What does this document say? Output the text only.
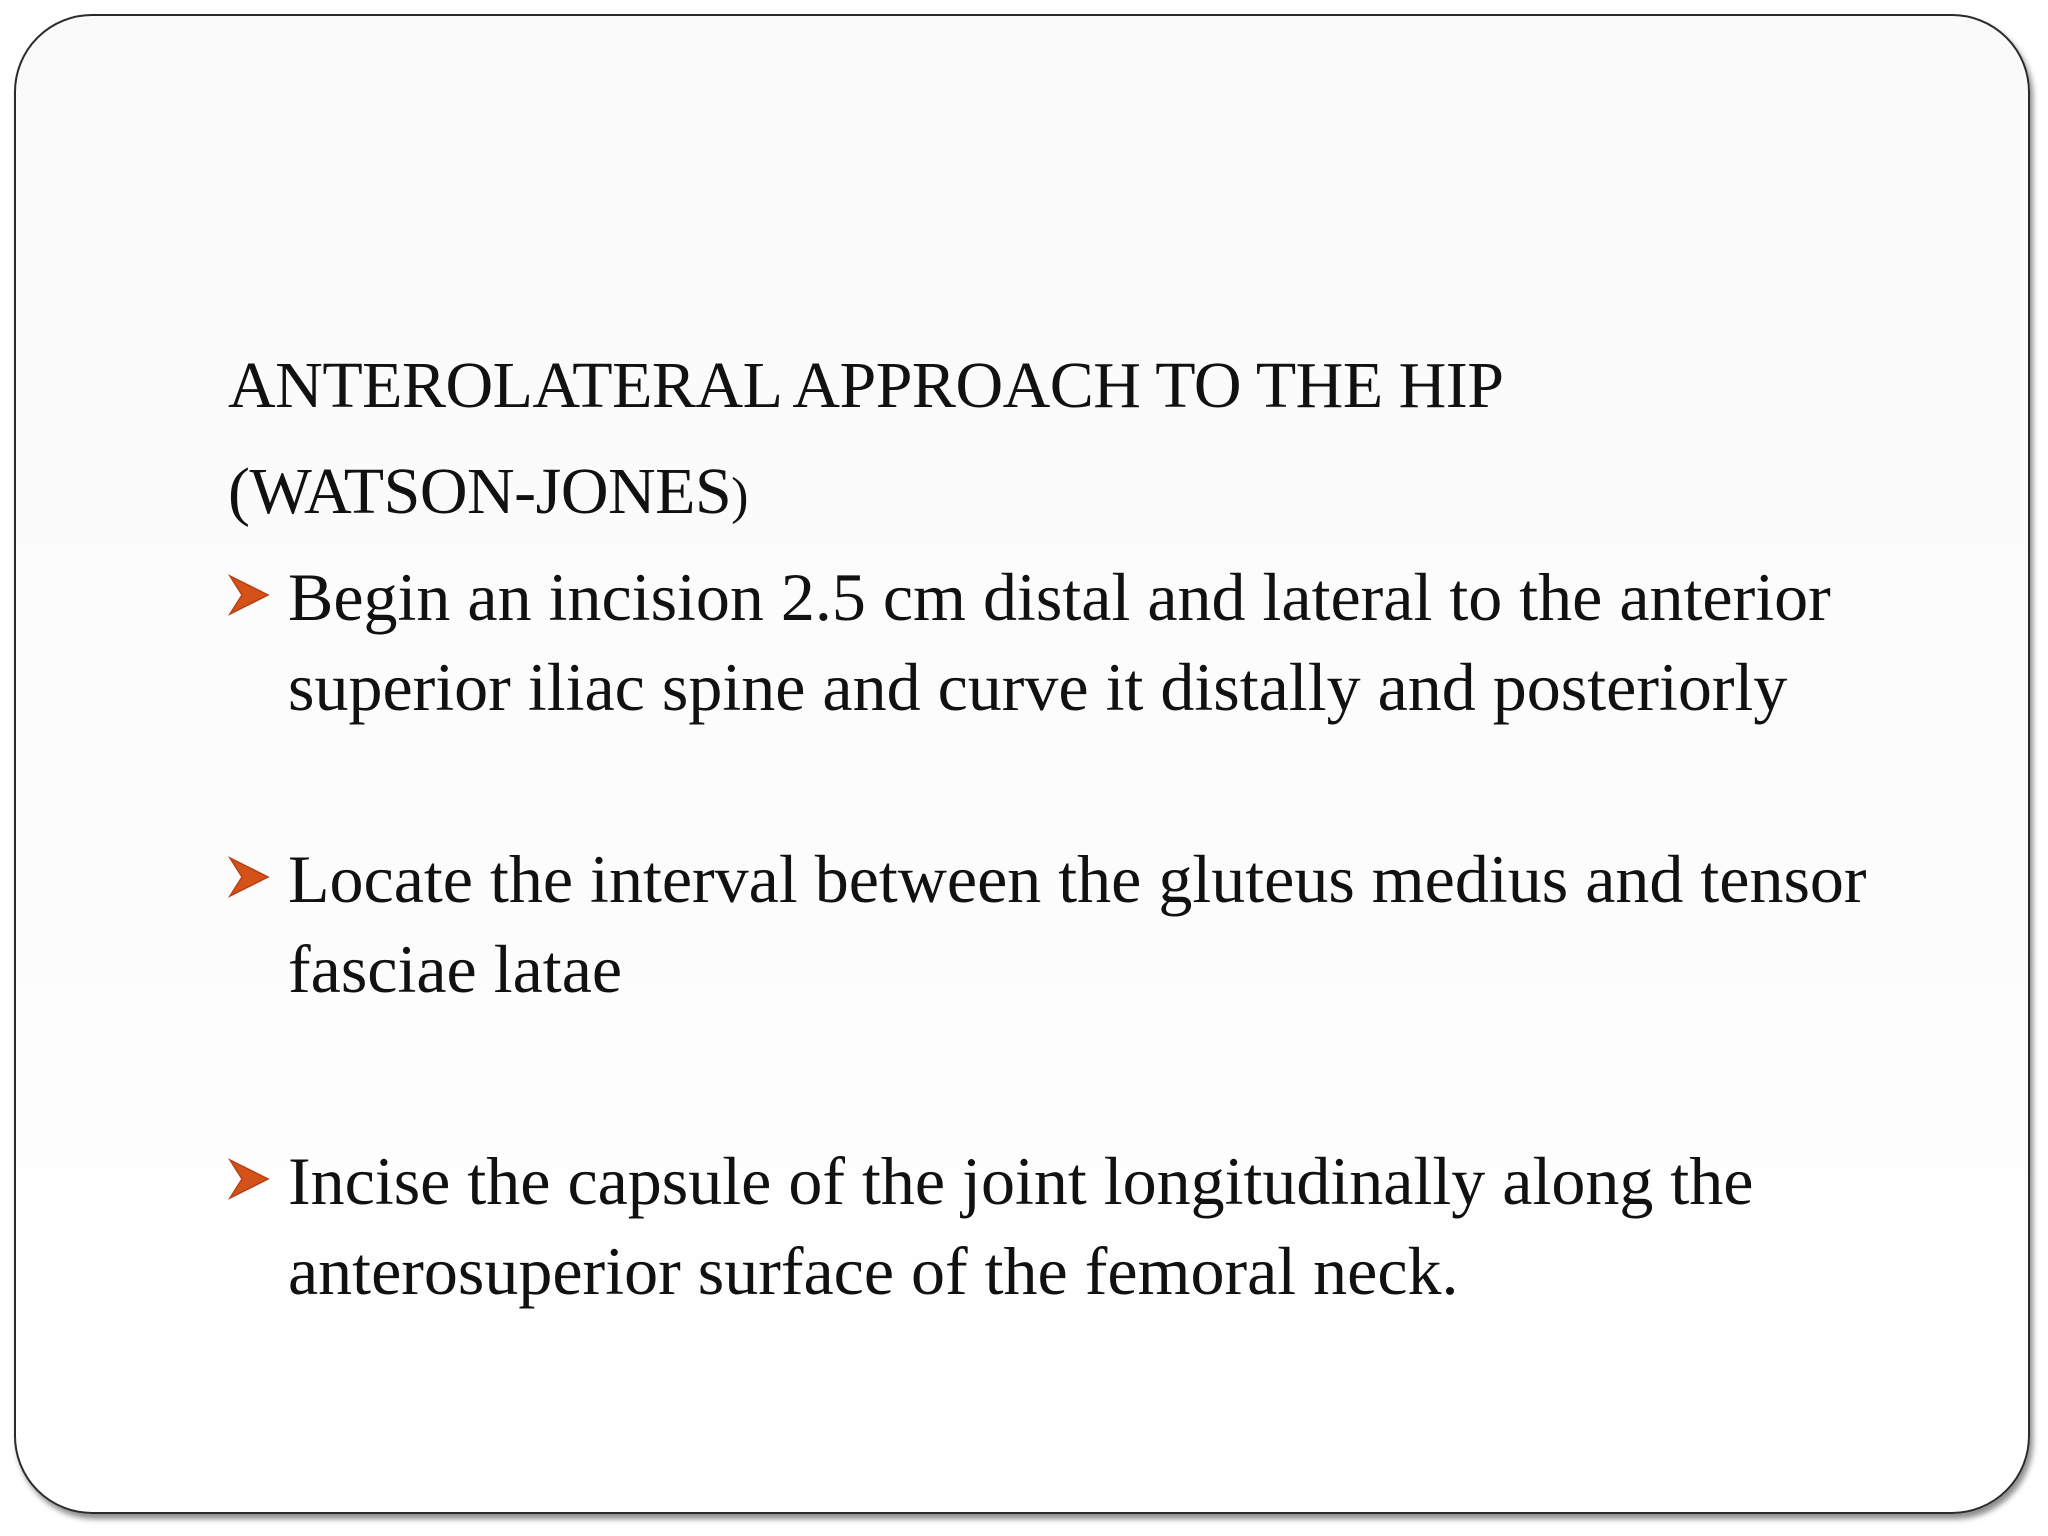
ANTEROLATERAL APPROACH TO THE HIP
(WATSON-JONES)

Begin an incision 2.5 cm distal and lateral to the anterior superior iliac spine and curve it distally and posteriorly

Locate the interval between the gluteus medius and tensor fasciae latae

Incise the capsule of the joint longitudinally along the anterosuperior surface of the femoral neck.
